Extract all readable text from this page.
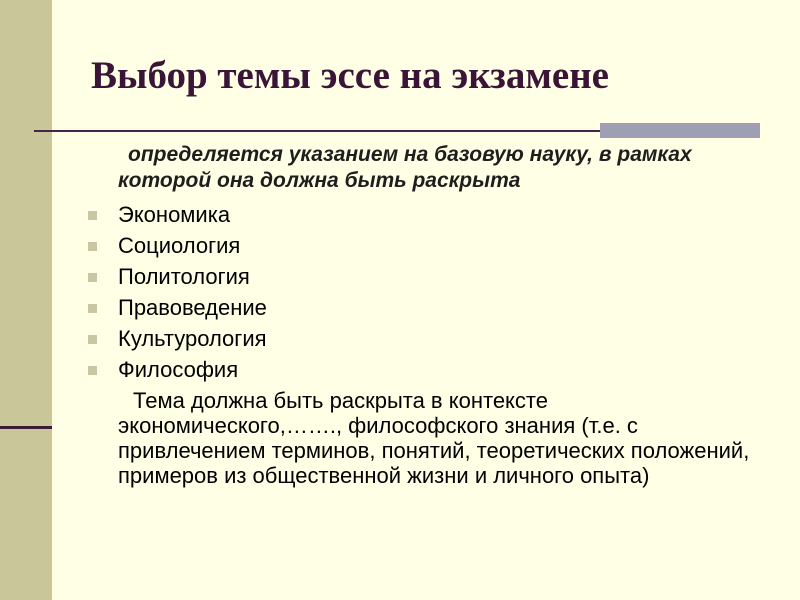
Выбор темы эссе на экзамене

определяется указанием на базовую науку, в рамках которой она должна быть раскрыта

Экономика
Социология
Политология
Правоведение
Культурология
Философия

Тема должна быть раскрыта в контексте экономического,……., философского знания (т.е. с привлечением терминов, понятий, теоретических положений, примеров из общественной жизни и личного опыта)
